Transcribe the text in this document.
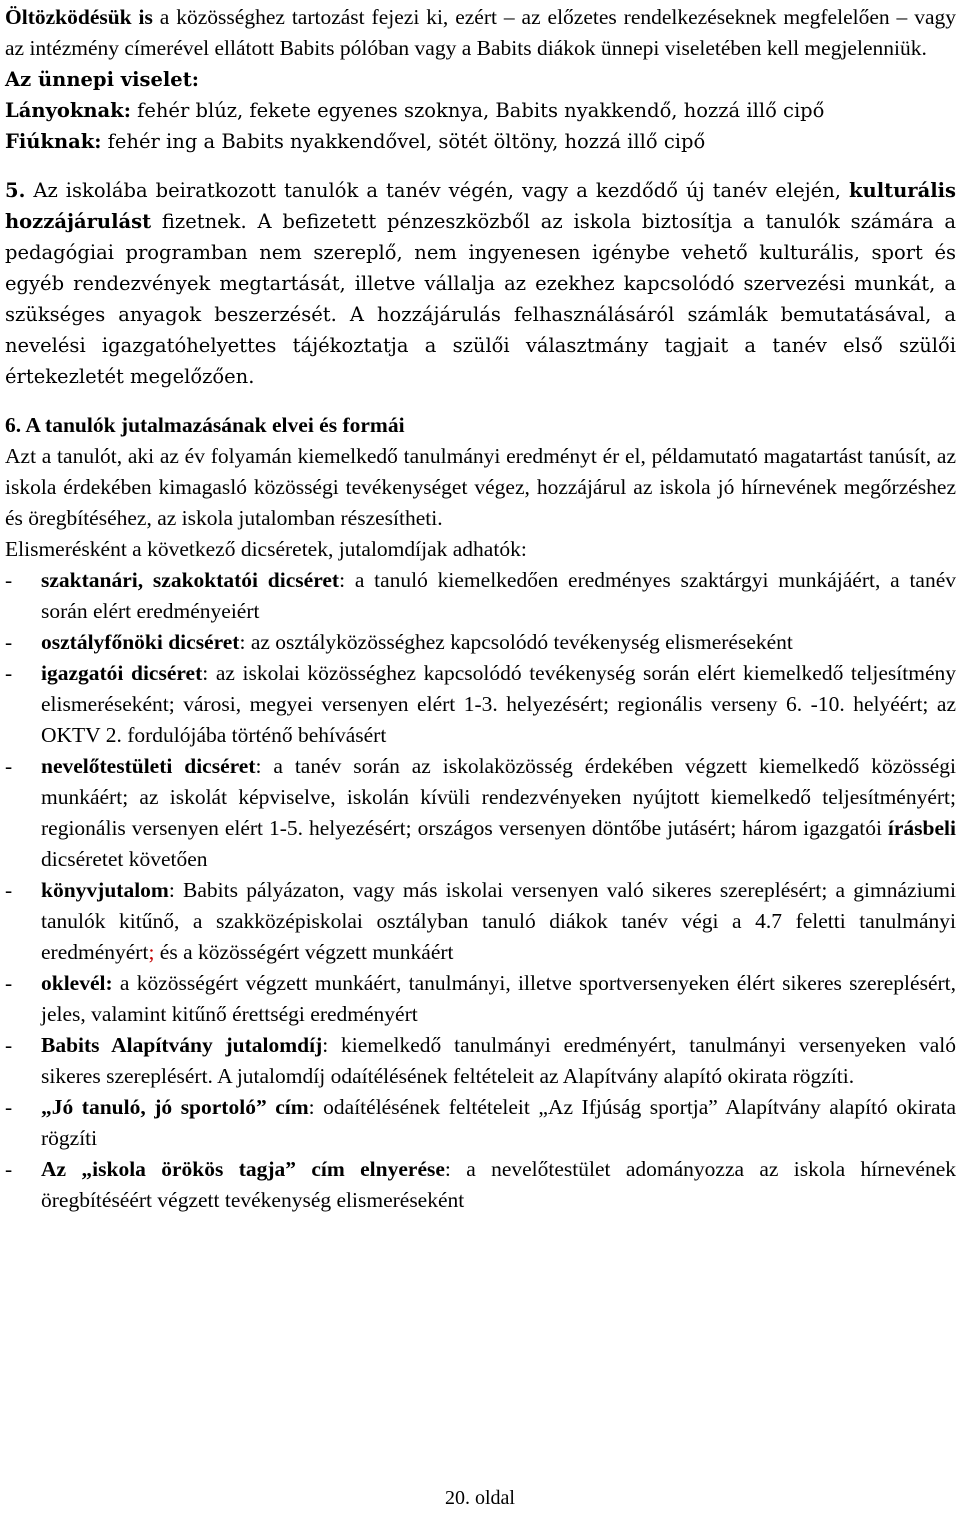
Öltözködésük is a közösséghez tartozást fejezi ki, ezért – az előzetes rendelkezéseknek megfelelően – vagy az intézmény címerével ellátott Babits pólóban vagy a Babits diákok ünnepi viseletében kell megjelenniük.

Az ünnepi viselet:

Lányoknak: fehér blúz, fekete egyenes szoknya, Babits nyakkendő, hozzá illő cipő

Fiúknak: fehér ing a Babits nyakkendővel, sötét öltöny, hozzá illő cipő

5. Az iskolába beiratkozott tanulók a tanév végén, vagy a kezdődő új tanév elején, kulturális hozzájárulást fizetnek. A befizetett pénzeszközből az iskola biztosítja a tanulók számára a pedagógiai programban nem szereplő, nem ingyenesen igénybe vehető kulturális, sport és egyéb rendezvények megtartását, illetve vállalja az ezekhez kapcsolódó szervezési munkát, a szükséges anyagok beszerzését. A hozzájárulás felhasználásáról számlák bemutatásával, a nevelési igazgatóhelyettes tájékoztatja a szülői választmány tagjait a tanév első szülői értekezletét megelőzően.

6. A tanulók jutalmazásának elvei és formái

Azt a tanulót, aki az év folyamán kiemelkedő tanulmányi eredményt ér el, példamutató magatartást tanúsít, az iskola érdekében kimagasló közösségi tevékenységet végez, hozzájárul az iskola jó hírnevének megőrzéshez és öregbítéséhez, az iskola jutalomban részesítheti.

Elismerésként a következő dicséretek, jutalomdíjak adhatók:

- szaktanári, szakoktatói dicséret: a tanuló kiemelkedően eredményes szaktárgyi munkájáért, a tanév során elért eredményeiért
- osztályfőnöki dicséret: az osztályközösséghez kapcsolódó tevékenység elismeréseként
- igazgatói dicséret: az iskolai közösséghez kapcsolódó tevékenység során elért kiemelkedő teljesítmény elismeréseként; városi, megyei versenyen elért 1-3. helyezésért; regionális verseny 6. -10. helyéért; az OKTV 2. fordulójába történő behívásért
- nevelőtestületi dicséret: a tanév során az iskolaközösség érdekében végzett kiemelkedő közösségi munkáért; az iskolát képviselve, iskolán kívüli rendezvényeken nyújtott kiemelkedő teljesítményért; regionális versenyen elért 1-5. helyezésért; országos versenyen döntőbe jutásért; három igazgatói írásbeli dicséretet követően
- könyvjutalom: Babits pályázaton, vagy más iskolai versenyen való sikeres szereplésért; a gimnáziumi tanulók kitűnő, a szakközépiskolai osztályban tanuló diákok tanév végi a 4.7 feletti tanulmányi eredményért; és a közösségért végzett munkáért
- oklevél: a közösségért végzett munkáért, tanulmányi, illetve sportversenyeken élért sikeres szereplésért, jeles, valamint kitűnő érettségi eredményért
- Babits Alapítvány jutalomdíj: kiemelkedő tanulmányi eredményért, tanulmányi versenyeken való sikeres szereplésért. A jutalomdíj odaítélésének feltételeit az Alapítvány alapító okirata rögzíti.
- „Jó tanuló, jó sportoló” cím: odaítélésének feltételeit „Az Ifjúság sportja” Alapítvány alapító okirata rögzíti
- Az „iskola örökös tagja” cím elnyerése: a nevelőtestület adományozza az iskola hírnevének öregbítéséért végzett tevékenység elismeréseként
20. oldal
